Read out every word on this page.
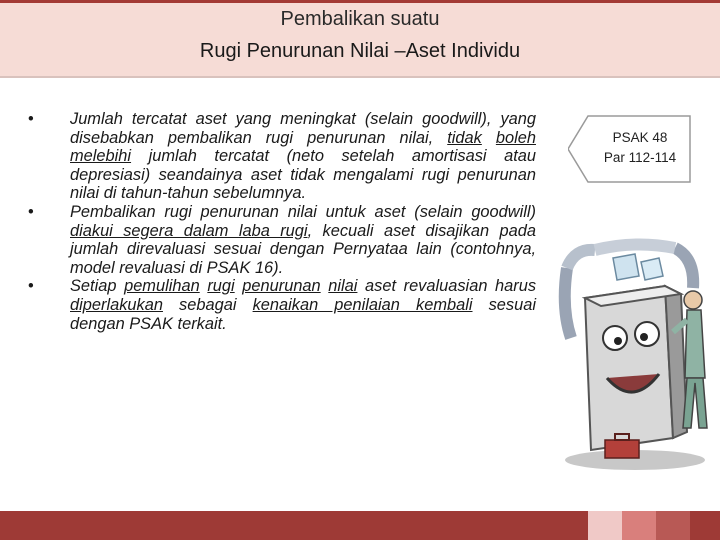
Pembalikan suatu
Rugi Penurunan Nilai –Aset Individu

• Jumlah tercatat aset yang meningkat (selain goodwill), yang disebabkan pembalikan rugi penurunan nilai, tidak boleh melebihi jumlah tercatat (neto setelah amortisasi atau depresiasi) seandainya aset tidak mengalami rugi penurunan nilai di tahun-tahun sebelumnya.

• Pembalikan rugi penurunan nilai untuk aset (selain goodwill) diakui segera dalam laba rugi, kecuali aset disajikan pada jumlah direvaluasi sesuai dengan Pernyataa lain (contohnya, model revaluasi di PSAK 16).

• Setiap pemulihan rugi penurunan nilai aset revaluasian harus diperlakukan sebagai kenaikan penilaian kembali sesuai dengan PSAK terkait.

PSAK 48
Par 112-114
